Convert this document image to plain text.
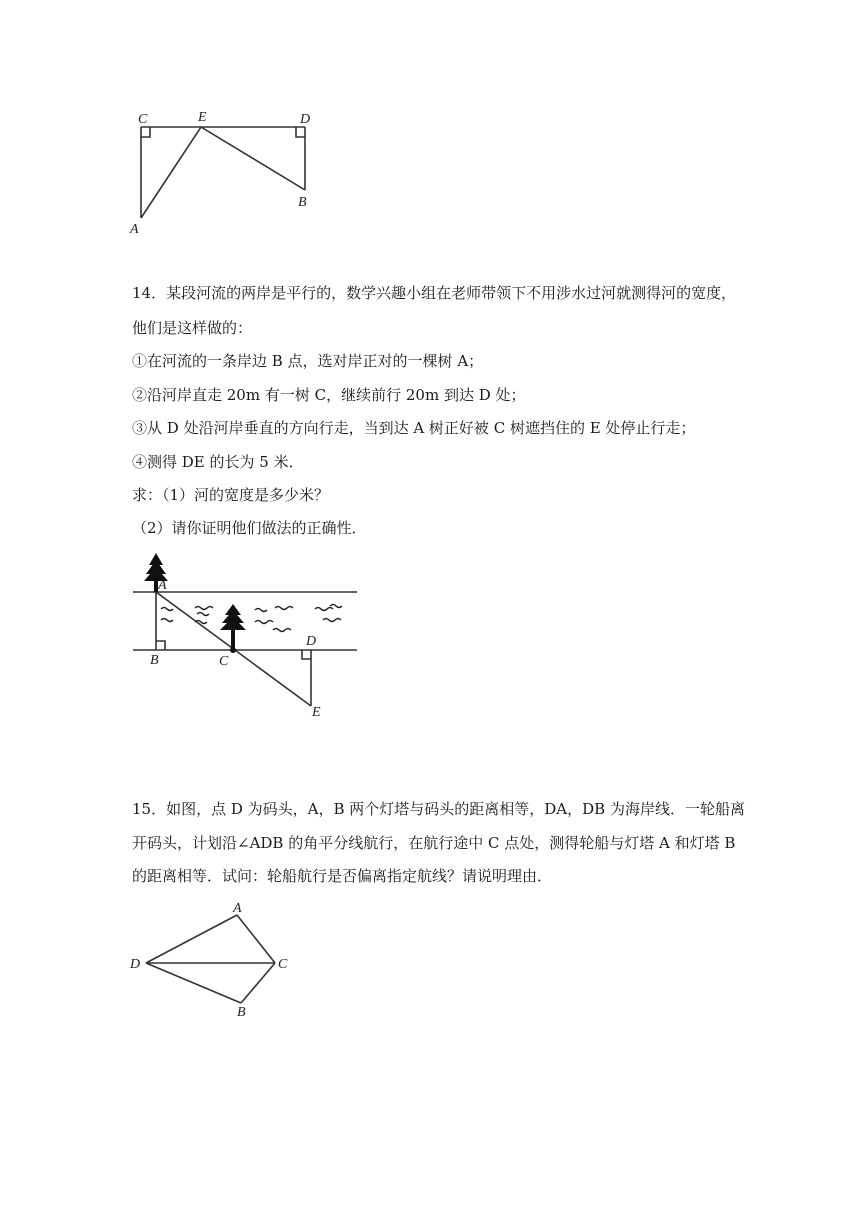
C	E	D
A
B
14．某段河流的两岸是平行的，数学兴趣小组在老师带领下不用涉水过河就测得河的宽度，
他们是这样做的：
①在河流的一条岸边 B 点，选对岸正对的一棵树 A；
②沿河岸直走 20m 有一树 C，继续前行 20m 到达 D 处；
③从 D 处沿河岸垂直的方向行走，当到达 A 树正好被 C 树遮挡住的 E 处停止行走；
④测得 DE 的长为 5 米．
求：（1）河的宽度是多少米？
（2）请你证明他们做法的正确性．
A
B	C
D
E
15．如图，点 D 为码头，A，B 两个灯塔与码头的距离相等，DA，DB 为海岸线．一轮船离
开码头，计划沿∠ADB 的角平分线航行，在航行途中 C 点处，测得轮船与灯塔 A 和灯塔 B
的距离相等．试问：轮船航行是否偏离指定航线？请说明理由．
A
D	C
B
